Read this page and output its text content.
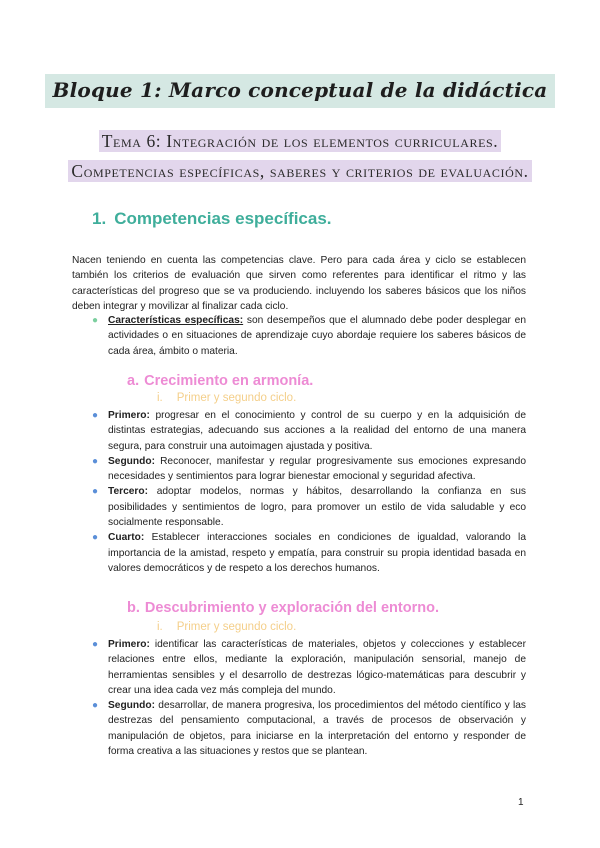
Bloque 1: Marco conceptual de la didáctica
Tema 6: Integración de los elementos curriculares. Competencias específicas, saberes y criterios de evaluación.
1. Competencias específicas.
Nacen teniendo en cuenta las competencias clave. Pero para cada área y ciclo se establecen también los criterios de evaluación que sirven como referentes para identificar el ritmo y las características del progreso que se va produciendo. incluyendo los saberes básicos que los niños deben integrar y movilizar al finalizar cada ciclo.
● Características específicas: son desempeños que el alumnado debe poder desplegar en actividades o en situaciones de aprendizaje cuyo abordaje requiere los saberes básicos de cada área, ámbito o materia.
a. Crecimiento en armonía.
i. Primer y segundo ciclo.
● Primero: progresar en el conocimiento y control de su cuerpo y en la adquisición de distintas estrategias, adecuando sus acciones a la realidad del entorno de una manera segura, para construir una autoimagen ajustada y positiva.
● Segundo: Reconocer, manifestar y regular progresivamente sus emociones expresando necesidades y sentimientos para lograr bienestar emocional y seguridad afectiva.
● Tercero: adoptar modelos, normas y hábitos, desarrollando la confianza en sus posibilidades y sentimientos de logro, para promover un estilo de vida saludable y eco socialmente responsable.
● Cuarto: Establecer interacciones sociales en condiciones de igualdad, valorando la importancia de la amistad, respeto y empatía, para construir su propia identidad basada en valores democráticos y de respeto a los derechos humanos.
b. Descubrimiento y exploración del entorno.
i. Primer y segundo ciclo.
● Primero: identificar las características de materiales, objetos y colecciones y establecer relaciones entre ellos, mediante la exploración, manipulación sensorial, manejo de herramientas sensibles y el desarrollo de destrezas lógico-matemáticas para descubrir y crear una idea cada vez más compleja del mundo.
● Segundo: desarrollar, de manera progresiva, los procedimientos del método científico y las destrezas del pensamiento computacional, a través de procesos de observación y manipulación de objetos, para iniciarse en la interpretación del entorno y responder de forma creativa a las situaciones y restos que se plantean.
1
